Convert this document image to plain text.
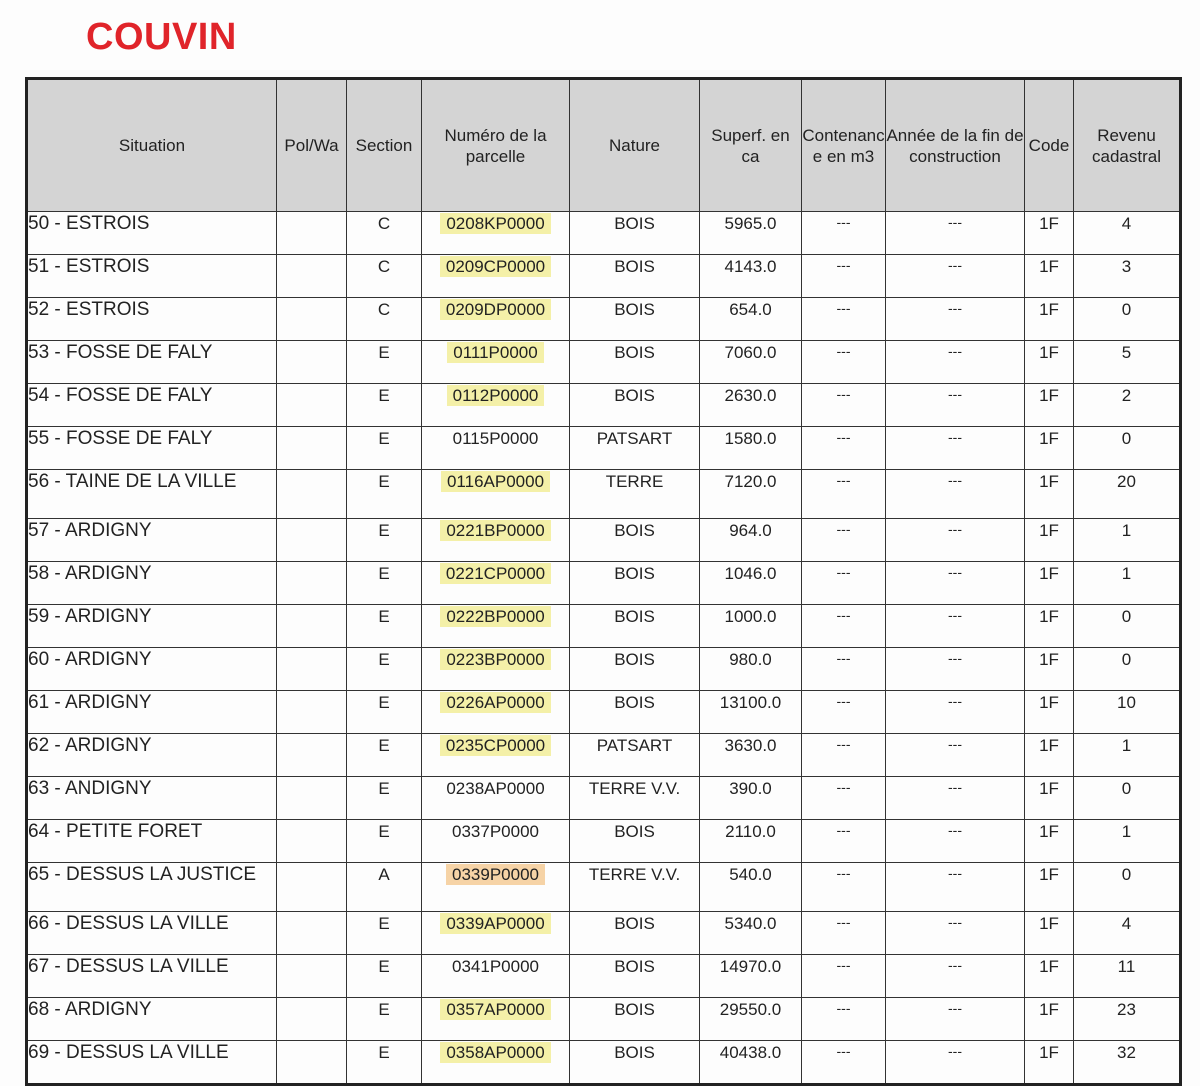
COUVIN
Situation	Pol/Wa	Section	Numéro de la parcelle	Nature	Superf. en ca	Contenance en m3	Année de la fin de construction	Code	Revenu cadastral
50 - ESTROIS		C	0208KP0000	BOIS	5965.0	---	---	1F	4
51 - ESTROIS		C	0209CP0000	BOIS	4143.0	---	---	1F	3
52 - ESTROIS		C	0209DP0000	BOIS	654.0	---	---	1F	0
53 - FOSSE DE FALY		E	0111P0000	BOIS	7060.0	---	---	1F	5
54 - FOSSE DE FALY		E	0112P0000	BOIS	2630.0	---	---	1F	2
55 - FOSSE DE FALY		E	0115P0000	PATSART	1580.0	---	---	1F	0
56 - TAINE DE LA VILLE		E	0116AP0000	TERRE	7120.0	---	---	1F	20
57 - ARDIGNY		E	0221BP0000	BOIS	964.0	---	---	1F	1
58 - ARDIGNY		E	0221CP0000	BOIS	1046.0	---	---	1F	1
59 - ARDIGNY		E	0222BP0000	BOIS	1000.0	---	---	1F	0
60 - ARDIGNY		E	0223BP0000	BOIS	980.0	---	---	1F	0
61 - ARDIGNY		E	0226AP0000	BOIS	13100.0	---	---	1F	10
62 - ARDIGNY		E	0235CP0000	PATSART	3630.0	---	---	1F	1
63 - ANDIGNY		E	0238AP0000	TERRE V.V.	390.0	---	---	1F	0
64 - PETITE FORET		E	0337P0000	BOIS	2110.0	---	---	1F	1
65 - DESSUS LA JUSTICE		A	0339P0000	TERRE V.V.	540.0	---	---	1F	0
66 - DESSUS LA VILLE		E	0339AP0000	BOIS	5340.0	---	---	1F	4
67 - DESSUS LA VILLE		E	0341P0000	BOIS	14970.0	---	---	1F	11
68 - ARDIGNY		E	0357AP0000	BOIS	29550.0	---	---	1F	23
69 - DESSUS LA VILLE		E	0358AP0000	BOIS	40438.0	---	---	1F	32
